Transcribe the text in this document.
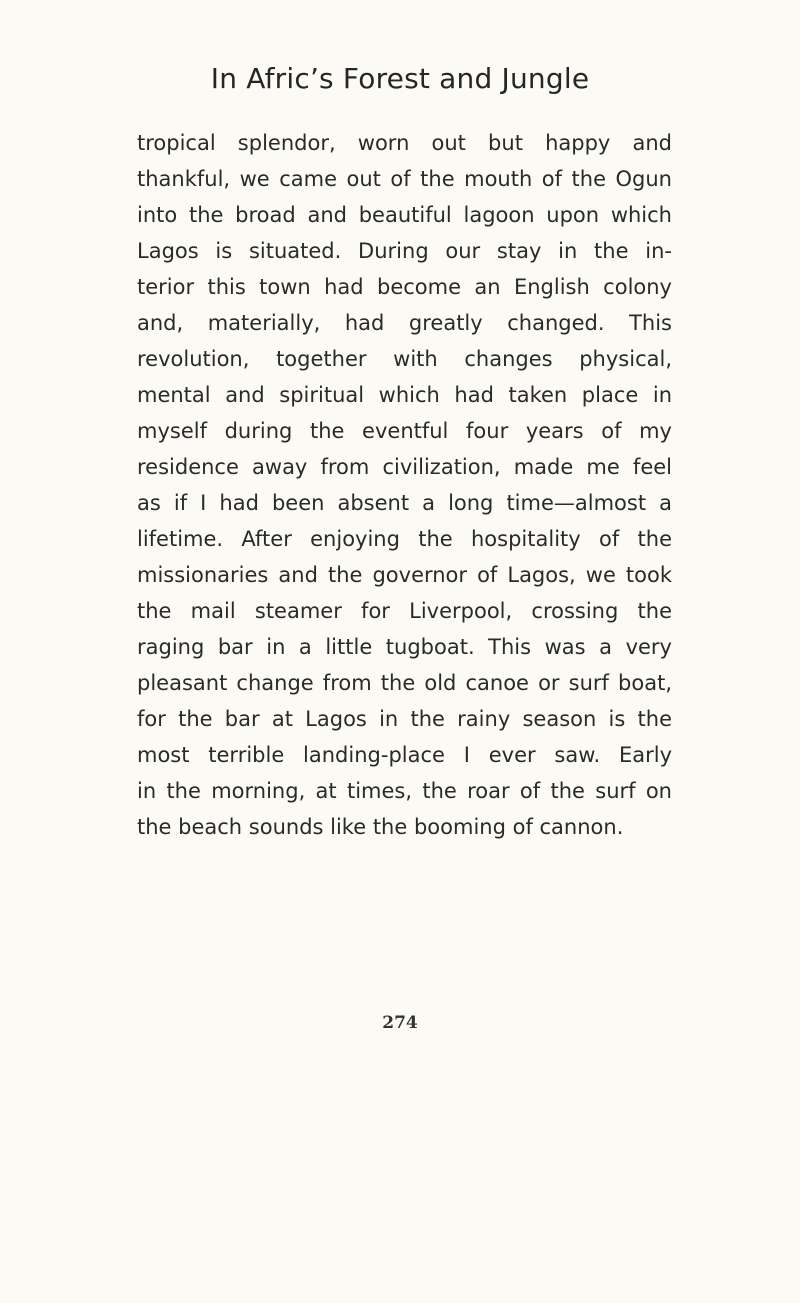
In Afric’s Forest and Jungle
tropical splendor, worn out but happy and
thankful, we came out of the mouth of the Ogun
into the broad and beautiful lagoon upon which
Lagos is situated. During our stay in the in-
terior this town had become an English colony
and, materially, had greatly changed. This
revolution, together with changes physical,
mental and spiritual which had taken place in
myself during the eventful four years of my
residence away from civilization, made me feel
as if I had been absent a long time—almost a
lifetime. After enjoying the hospitality of the
missionaries and the governor of Lagos, we took
the mail steamer for Liverpool, crossing the
raging bar in a little tugboat. This was a very
pleasant change from the old canoe or surf boat,
for the bar at Lagos in the rainy season is the
most terrible landing-place I ever saw. Early
in the morning, at times, the roar of the surf on
the beach sounds like the booming of cannon.
274
